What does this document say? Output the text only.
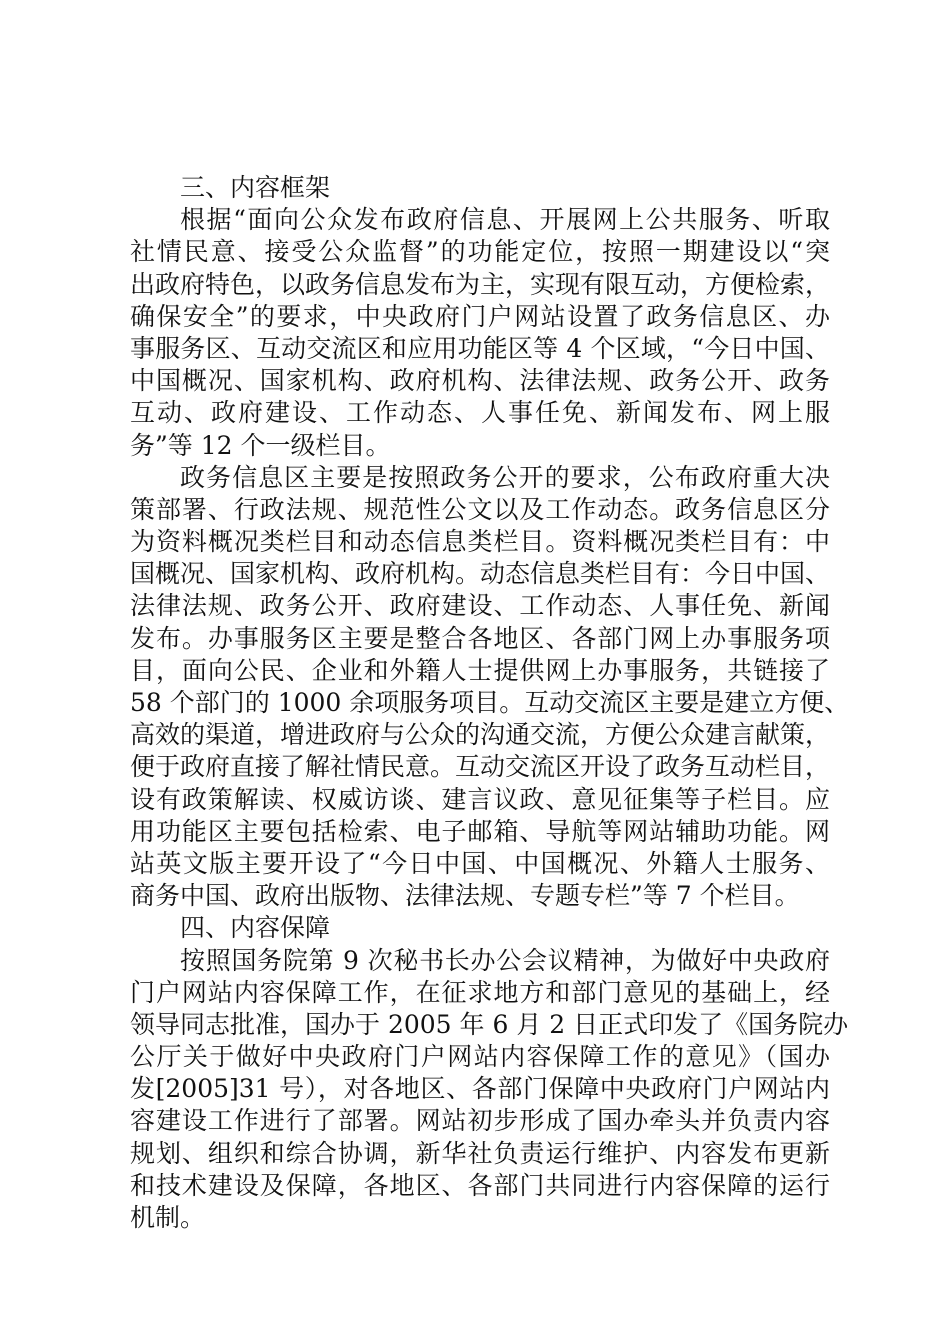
三、内容框架
根据“面向公众发布政府信息、开展网上公共服务、听取
社情民意、接受公众监督”的功能定位，按照一期建设以“突
出政府特色，以政务信息发布为主，实现有限互动，方便检索，
确保安全”的要求，中央政府门户网站设置了政务信息区、办
事服务区、互动交流区和应用功能区等 4 个区域，“今日中国、
中国概况、国家机构、政府机构、法律法规、政务公开、政务
互动、政府建设、工作动态、人事任免、新闻发布、网上服
务”等 12 个一级栏目。
政务信息区主要是按照政务公开的要求，公布政府重大决
策部署、行政法规、规范性公文以及工作动态。政务信息区分
为资料概况类栏目和动态信息类栏目。资料概况类栏目有：中
国概况、国家机构、政府机构。动态信息类栏目有：今日中国、
法律法规、政务公开、政府建设、工作动态、人事任免、新闻
发布。办事服务区主要是整合各地区、各部门网上办事服务项
目，面向公民、企业和外籍人士提供网上办事服务，共链接了
58 个部门的 1000 余项服务项目。互动交流区主要是建立方便、
高效的渠道，增进政府与公众的沟通交流，方便公众建言献策，
便于政府直接了解社情民意。互动交流区开设了政务互动栏目，
设有政策解读、权威访谈、建言议政、意见征集等子栏目。应
用功能区主要包括检索、电子邮箱、导航等网站辅助功能。网
站英文版主要开设了“今日中国、中国概况、外籍人士服务、
商务中国、政府出版物、法律法规、专题专栏”等 7 个栏目。
四、内容保障
按照国务院第 9 次秘书长办公会议精神，为做好中央政府
门户网站内容保障工作，在征求地方和部门意见的基础上，经
领导同志批准，国办于 2005 年 6 月 2 日正式印发了《国务院办
公厅关于做好中央政府门户网站内容保障工作的意见》（国办
发[2005]31 号），对各地区、各部门保障中央政府门户网站内
容建设工作进行了部署。网站初步形成了国办牵头并负责内容
规划、组织和综合协调，新华社负责运行维护、内容发布更新
和技术建设及保障，各地区、各部门共同进行内容保障的运行
机制。
